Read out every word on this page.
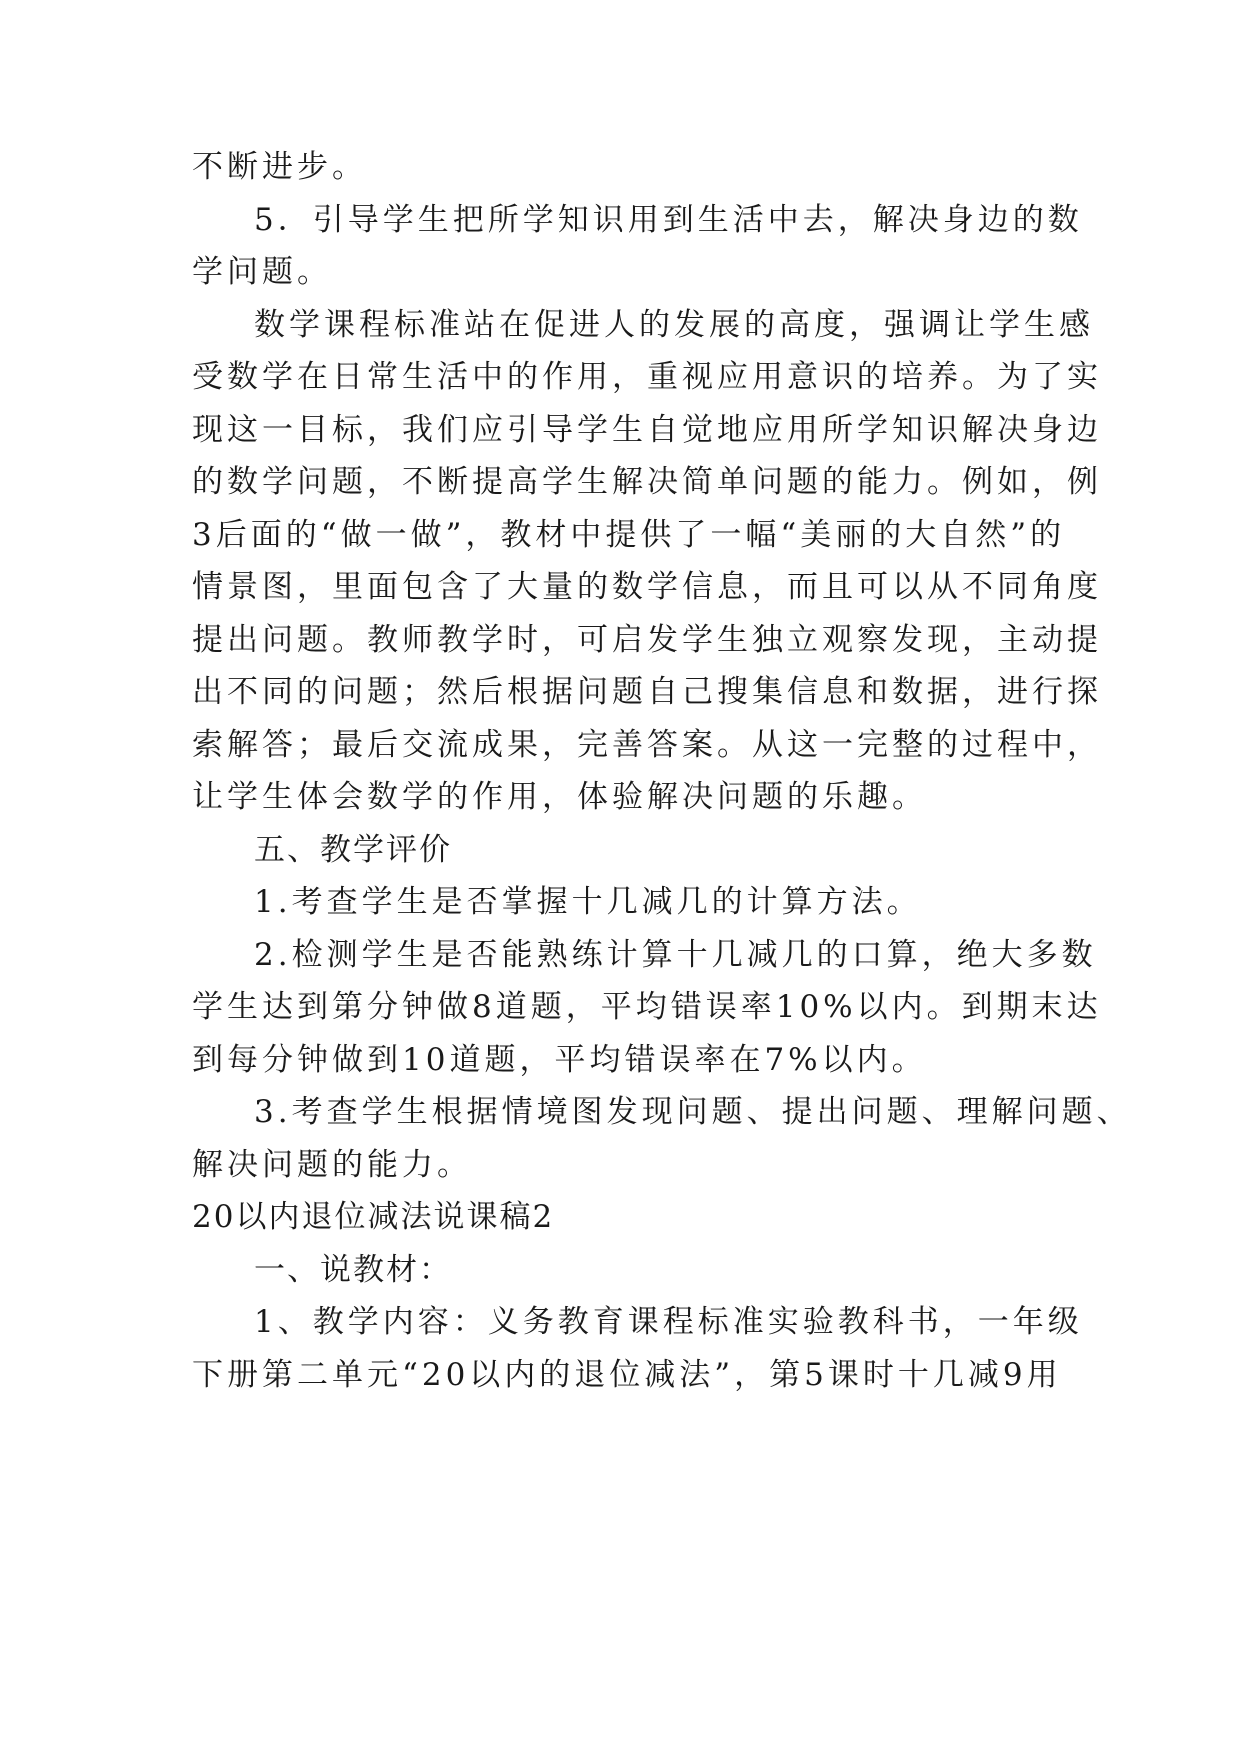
不断进步。
5．引导学生把所学知识用到生活中去，解决身边的数
学问题。
数学课程标准站在促进人的发展的高度，强调让学生感
受数学在日常生活中的作用，重视应用意识的培养。为了实
现这一目标，我们应引导学生自觉地应用所学知识解决身边
的数学问题，不断提高学生解决简单问题的能力。例如，例
3后面的“做一做”，教材中提供了一幅“美丽的大自然”的
情景图，里面包含了大量的数学信息，而且可以从不同角度
提出问题。教师教学时，可启发学生独立观察发现，主动提
出不同的问题；然后根据问题自己搜集信息和数据，进行探
索解答；最后交流成果，完善答案。从这一完整的过程中，
让学生体会数学的作用，体验解决问题的乐趣。
五、教学评价
1.考查学生是否掌握十几减几的计算方法。
2.检测学生是否能熟练计算十几减几的口算，绝大多数
学生达到第分钟做8道题，平均错误率10%以内。到期末达
到每分钟做到10道题，平均错误率在7%以内。
3.考查学生根据情境图发现问题、提出问题、理解问题、
解决问题的能力。
20以内退位减法说课稿2
一、说教材：
1、教学内容：义务教育课程标准实验教科书，一年级
下册第二单元“20以内的退位减法”，第5课时十几减9用
